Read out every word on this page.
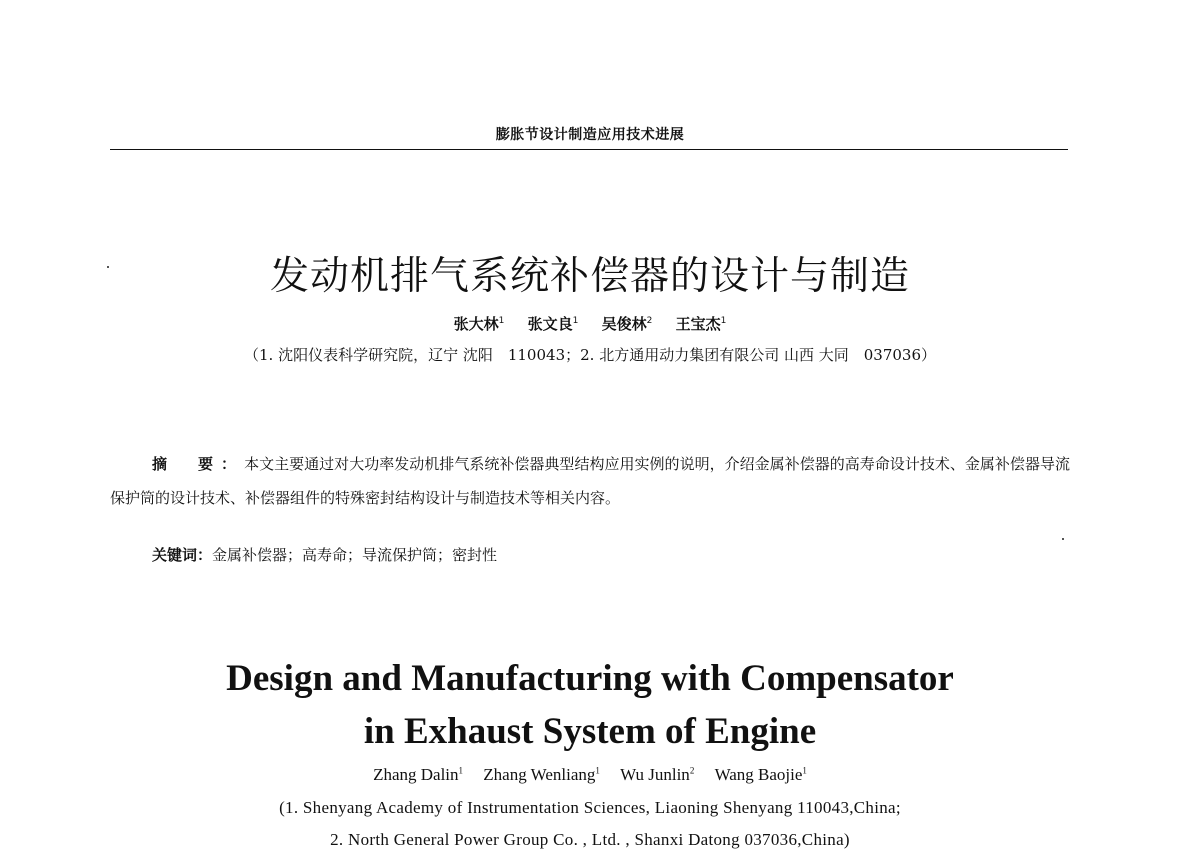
膨胀节设计制造应用技术进展
发动机排气系统补偿器的设计与制造
张大林$^1$ 张文良$^1$ 吴俊林$^2$ 王宝杰$^1$
（1. 沈阳仪表科学研究院，辽宁 沈阳　110043；2. 北方通用动力集团有限公司 山西 大同　037036）
摘　要：本文主要通过对大功率发动机排气系统补偿器典型结构应用实例的说明，介绍金属补偿器的高寿命设计技术、金属补偿器导流保护筒的设计技术、补偿器组件的特殊密封结构设计与制造技术等相关内容。
关键词：金属补偿器；高寿命；导流保护筒；密封性
Design and Manufacturing with Compensator
in Exhaust System of Engine
Zhang Dalin$^1$ Zhang Wenliang$^1$ Wu Junlin$^2$ Wang Baojie$^1$
(1. Shenyang Academy of Instrumentation Sciences, Liaoning Shenyang 110043,China;
2. North General Power Group Co. , Ltd. , Shanxi Datong 037036,China)
